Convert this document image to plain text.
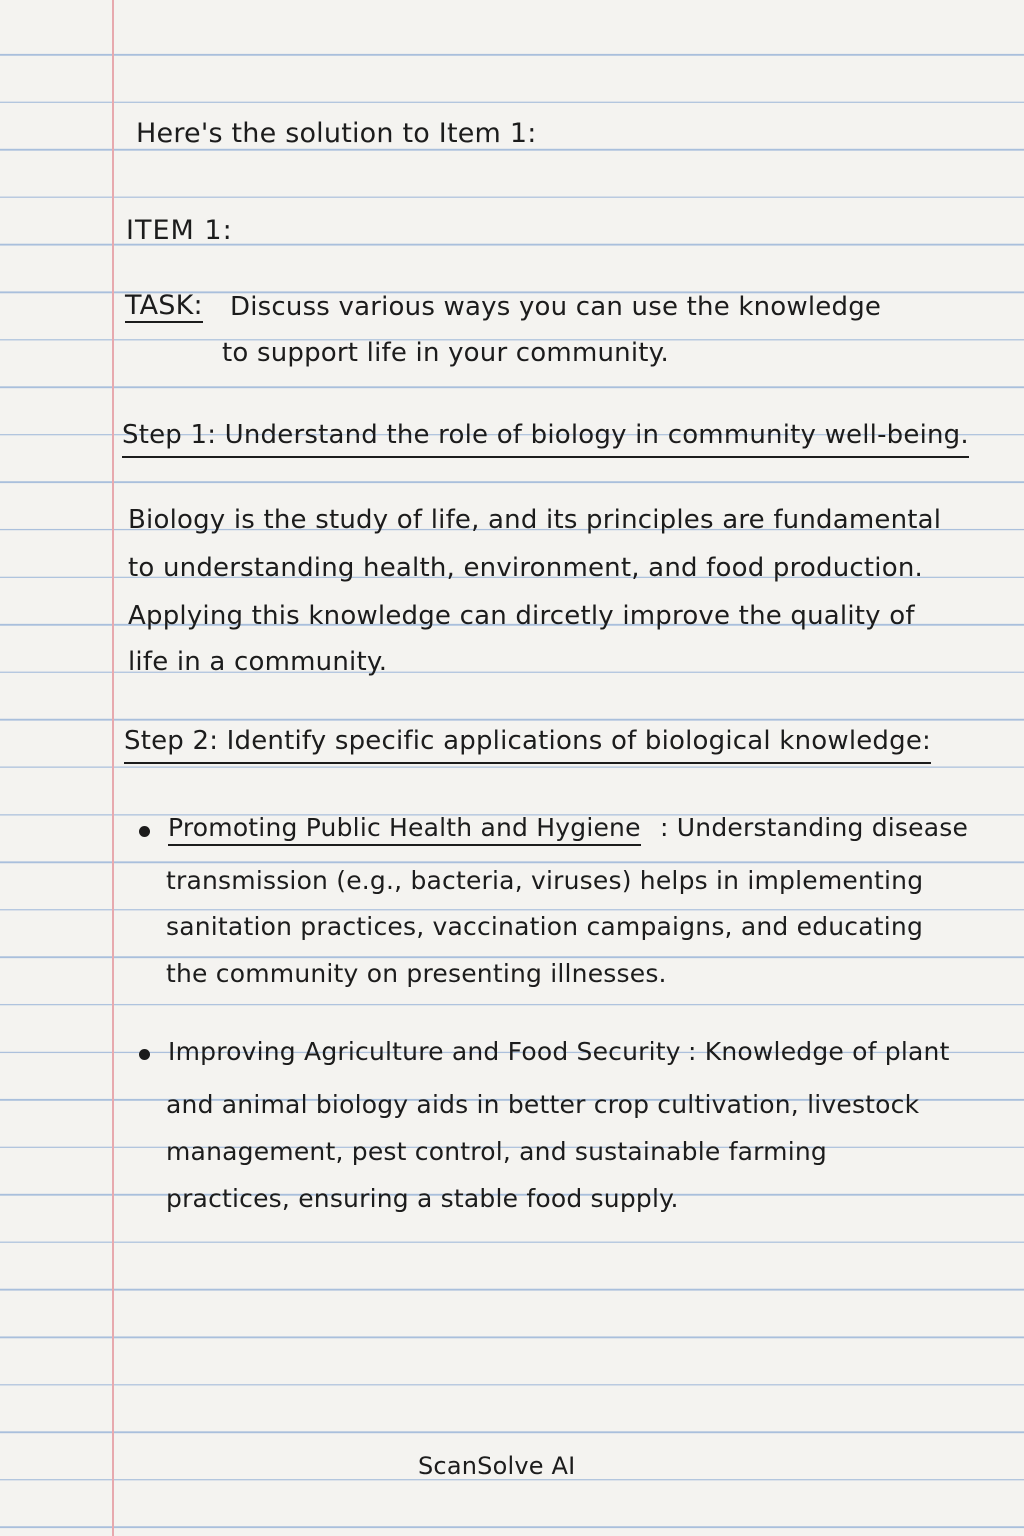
Here's the solution to Item 1:
ITEM 1:
TASK: Discuss various ways you can use the knowledge
to support life in your community.
Step 1: Understand the role of biology in community well-being.
Biology is the study of life, and its principles are fundamental
to understanding health, environment, and food production.
Applying this knowledge can dircetly improve the quality of
life in a community.
Step 2: Identify specific applications of biological knowledge:
Promoting Public Health and Hygiene : Understanding disease
transmission (e.g., bacteria, viruses) helps in implementing
sanitation practices, vaccination campaigns, and educating
the community on presenting illnesses.
Improving Agriculture and Food Security : Knowledge of plant
and animal biology aids in better crop cultivation, livestock
management, pest control, and sustainable farming
practices, ensuring a stable food supply.
ScanSolve AI
